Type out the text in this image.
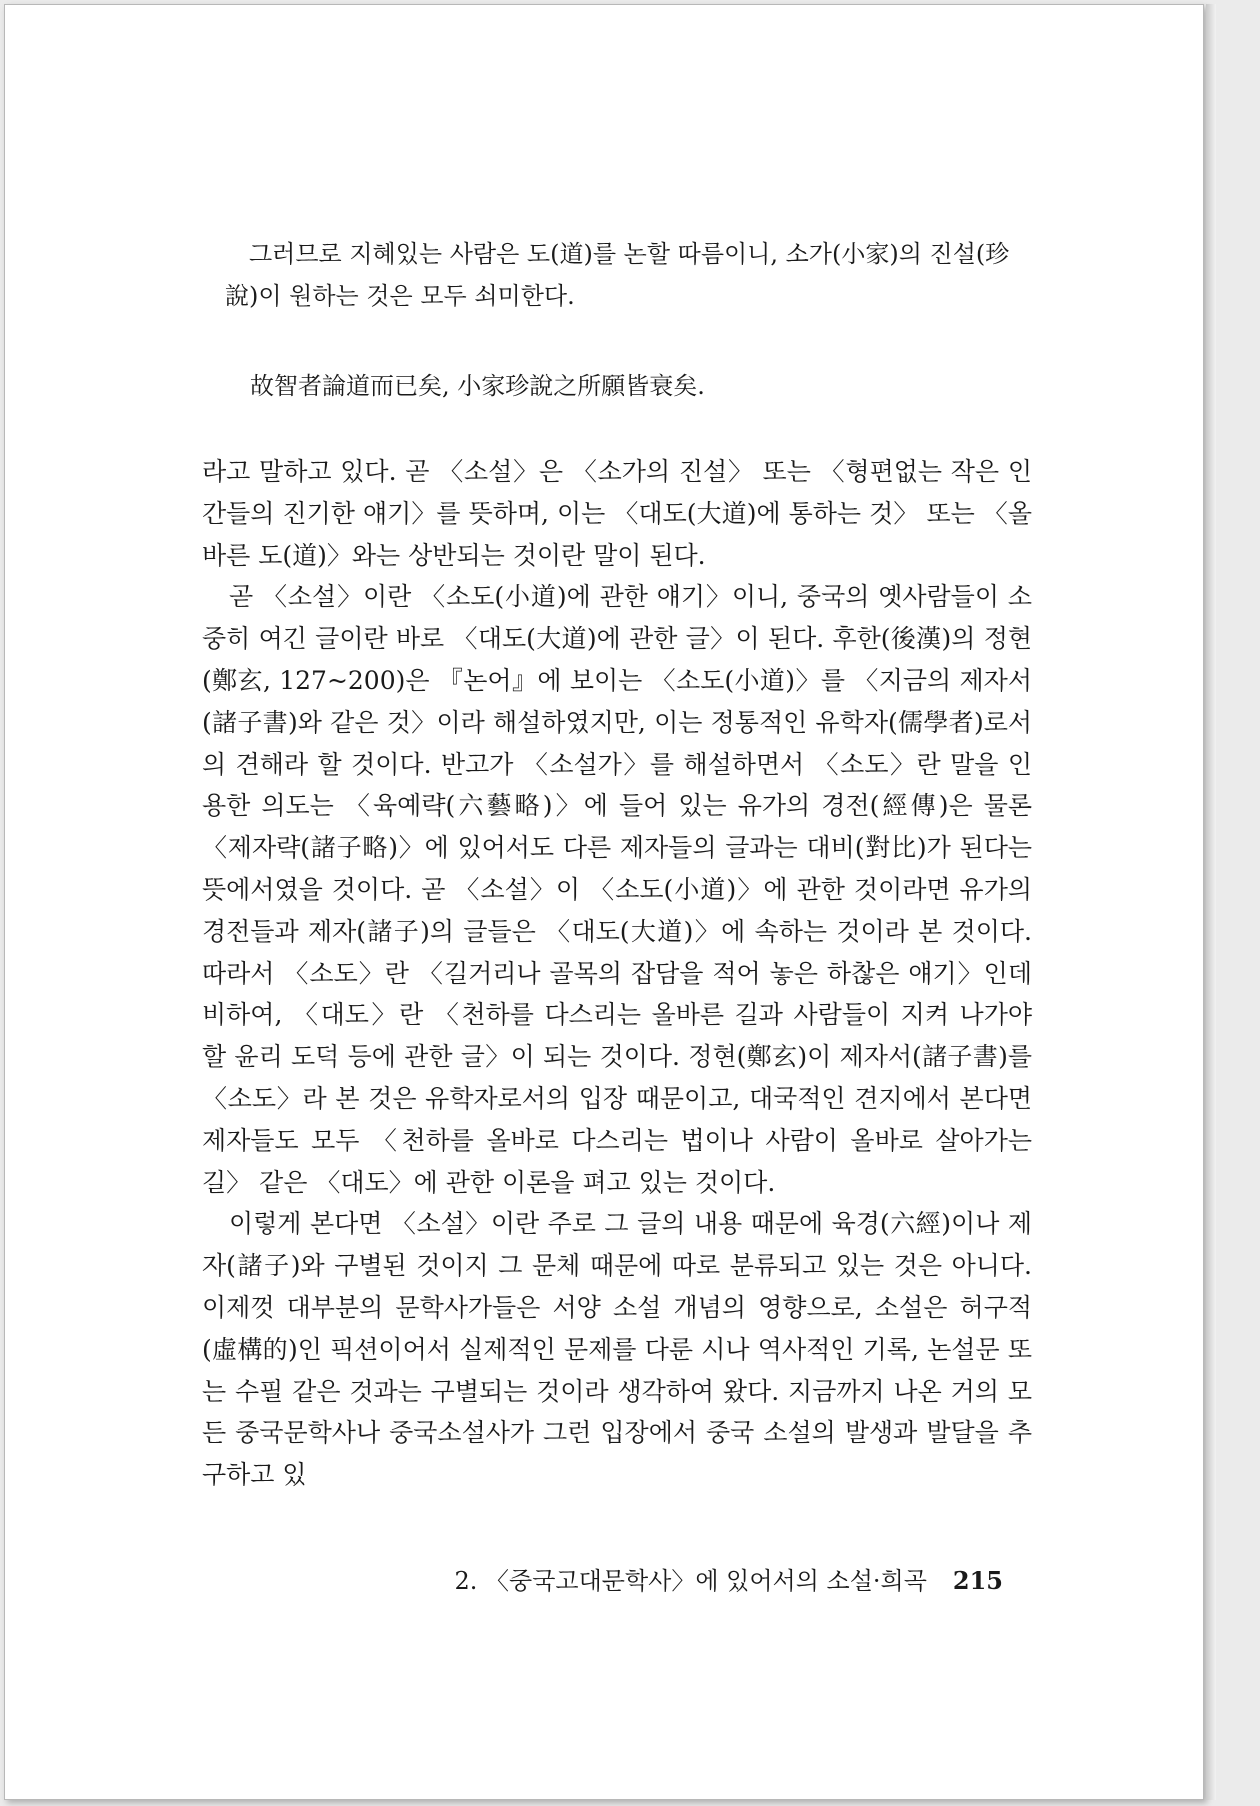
그러므로 지혜있는 사람은 도(道)를 논할 따름이니, 소가(小家)의 진설(珍說)이 원하는 것은 모두 쇠미한다.

故智者論道而已矣, 小家珍說之所願皆衰矣.

라고 말하고 있다. 곧 〈소설〉은 〈소가의 진설〉 또는 〈형편없는 작은 인간들의 진기한 얘기〉를 뜻하며, 이는 〈대도(大道)에 통하는 것〉 또는 〈올바른 도(道)〉와는 상반되는 것이란 말이 된다.

곧 〈소설〉이란 〈소도(小道)에 관한 얘기〉이니, 중국의 옛사람들이 소중히 여긴 글이란 바로 〈대도(大道)에 관한 글〉이 된다. 후한(後漢)의 정현(鄭玄, 127~200)은 『논어』에 보이는 〈소도(小道)〉를 〈지금의 제자서(諸子書)와 같은 것〉이라 해설하였지만, 이는 정통적인 유학자(儒學者)로서의 견해라 할 것이다. 반고가 〈소설가〉를 해설하면서 〈소도〉란 말을 인용한 의도는 〈육예략(六藝略)〉에 들어 있는 유가의 경전(經傳)은 물론 〈제자략(諸子略)〉에 있어서도 다른 제자들의 글과는 대비(對比)가 된다는 뜻에서였을 것이다. 곧 〈소설〉이 〈소도(小道)〉에 관한 것이라면 유가의 경전들과 제자(諸子)의 글들은 〈대도(大道)〉에 속하는 것이라 본 것이다. 따라서 〈소도〉란 〈길거리나 골목의 잡담을 적어 놓은 하찮은 얘기〉인데 비하여, 〈대도〉란 〈천하를 다스리는 올바른 길과 사람들이 지켜 나가야 할 윤리 도덕 등에 관한 글〉이 되는 것이다. 정현(鄭玄)이 제자서(諸子書)를 〈소도〉라 본 것은 유학자로서의 입장 때문이고, 대국적인 견지에서 본다면 제자들도 모두 〈천하를 올바로 다스리는 법이나 사람이 올바로 살아가는 길〉 같은 〈대도〉에 관한 이론을 펴고 있는 것이다.

이렇게 본다면 〈소설〉이란 주로 그 글의 내용 때문에 육경(六經)이나 제자(諸子)와 구별된 것이지 그 문체 때문에 따로 분류되고 있는 것은 아니다. 이제껏 대부분의 문학사가들은 서양 소설 개념의 영향으로, 소설은 허구적(虛構的)인 픽션이어서 실제적인 문제를 다룬 시나 역사적인 기록, 논설문 또는 수필 같은 것과는 구별되는 것이라 생각하여 왔다. 지금까지 나온 거의 모든 중국문학사나 중국소설사가 그런 입장에서 중국 소설의 발생과 발달을 추구하고 있

2. 〈중국고대문학사〉에 있어서의 소설·희곡 215
